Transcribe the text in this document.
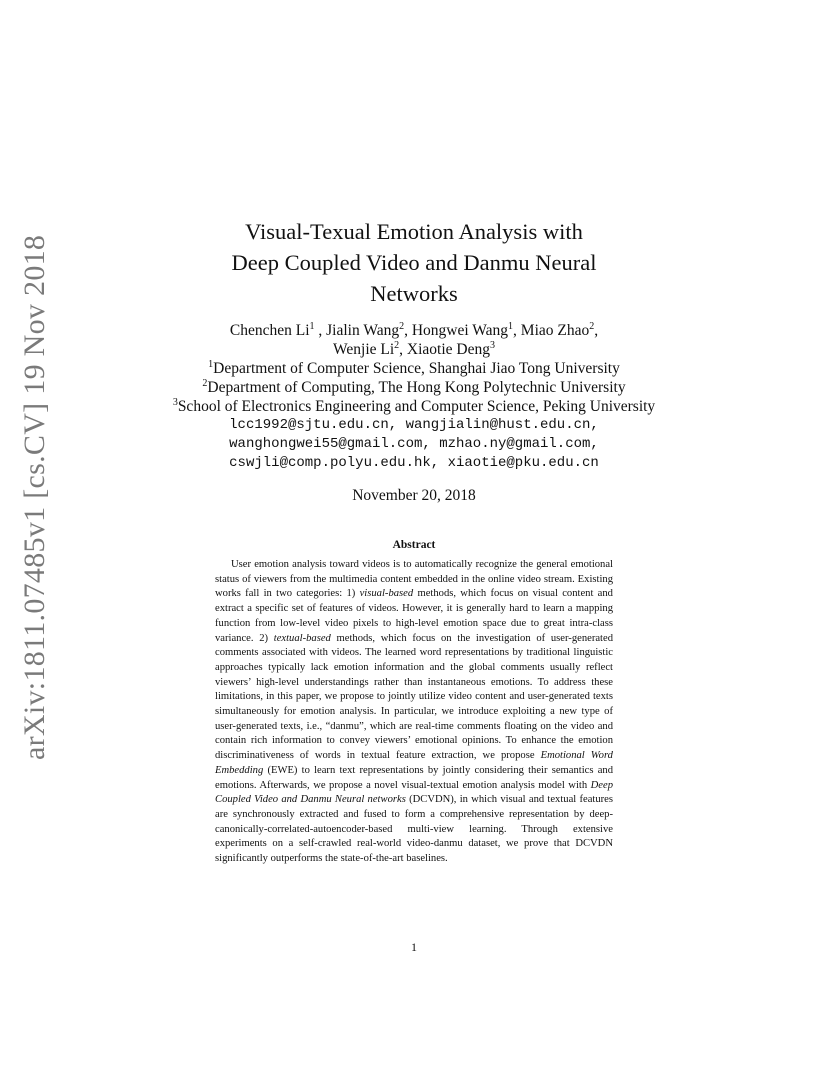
arXiv:1811.07485v1 [cs.CV] 19 Nov 2018
Visual-Texual Emotion Analysis with
Deep Coupled Video and Danmu Neural
Networks
Chenchen Li$^1$ , Jialin Wang$^2$, Hongwei Wang$^1$, Miao Zhao$^2$,
Wenjie Li$^2$, Xiaotie Deng$^3$
$^1$Department of Computer Science, Shanghai Jiao Tong University
$^2$Department of Computing, The Hong Kong Polytechnic University
$^3$School of Electronics Engineering and Computer Science, Peking University
lcc1992@sjtu.edu.cn, wangjialin@hust.edu.cn,
wanghongwei55@gmail.com, mzhao.ny@gmail.com,
cswjli@comp.polyu.edu.hk, xiaotie@pku.edu.cn
November 20, 2018
Abstract

User emotion analysis toward videos is to automatically recognize the general emotional status of viewers from the multimedia content embedded in the online video stream. Existing works fall in two categories: 1) visual-based methods, which focus on visual content and extract a specific set of features of videos. However, it is generally hard to learn a mapping function from low-level video pixels to high-level emotion space due to great intra-class variance. 2) textual-based methods, which focus on the investigation of user-generated comments associated with videos. The learned word representations by traditional linguistic approaches typically lack emotion information and the global comments usually reflect viewers’ high-level understandings rather than instantaneous emotions. To address these limitations, in this paper, we propose to jointly utilize video content and user-generated texts simultaneously for emotion analysis. In particular, we introduce exploiting a new type of user-generated texts, i.e., “danmu”, which are real-time comments floating on the video and contain rich information to convey viewers’ emotional opinions. To enhance the emotion discriminativeness of words in textual feature extraction, we propose Emotional Word Embedding (EWE) to learn text representations by jointly considering their semantics and emotions. Afterwards, we propose a novel visual-textual emotion analysis model with Deep Coupled Video and Danmu Neural networks (DCVDN), in which visual and textual features are synchronously extracted and fused to form a comprehensive representation by deep-canonically-correlated-autoencoder-based multi-view learning. Through extensive experiments on a self-crawled real-world video-danmu dataset, we prove that DCVDN significantly outperforms the state-of-the-art baselines.

1
